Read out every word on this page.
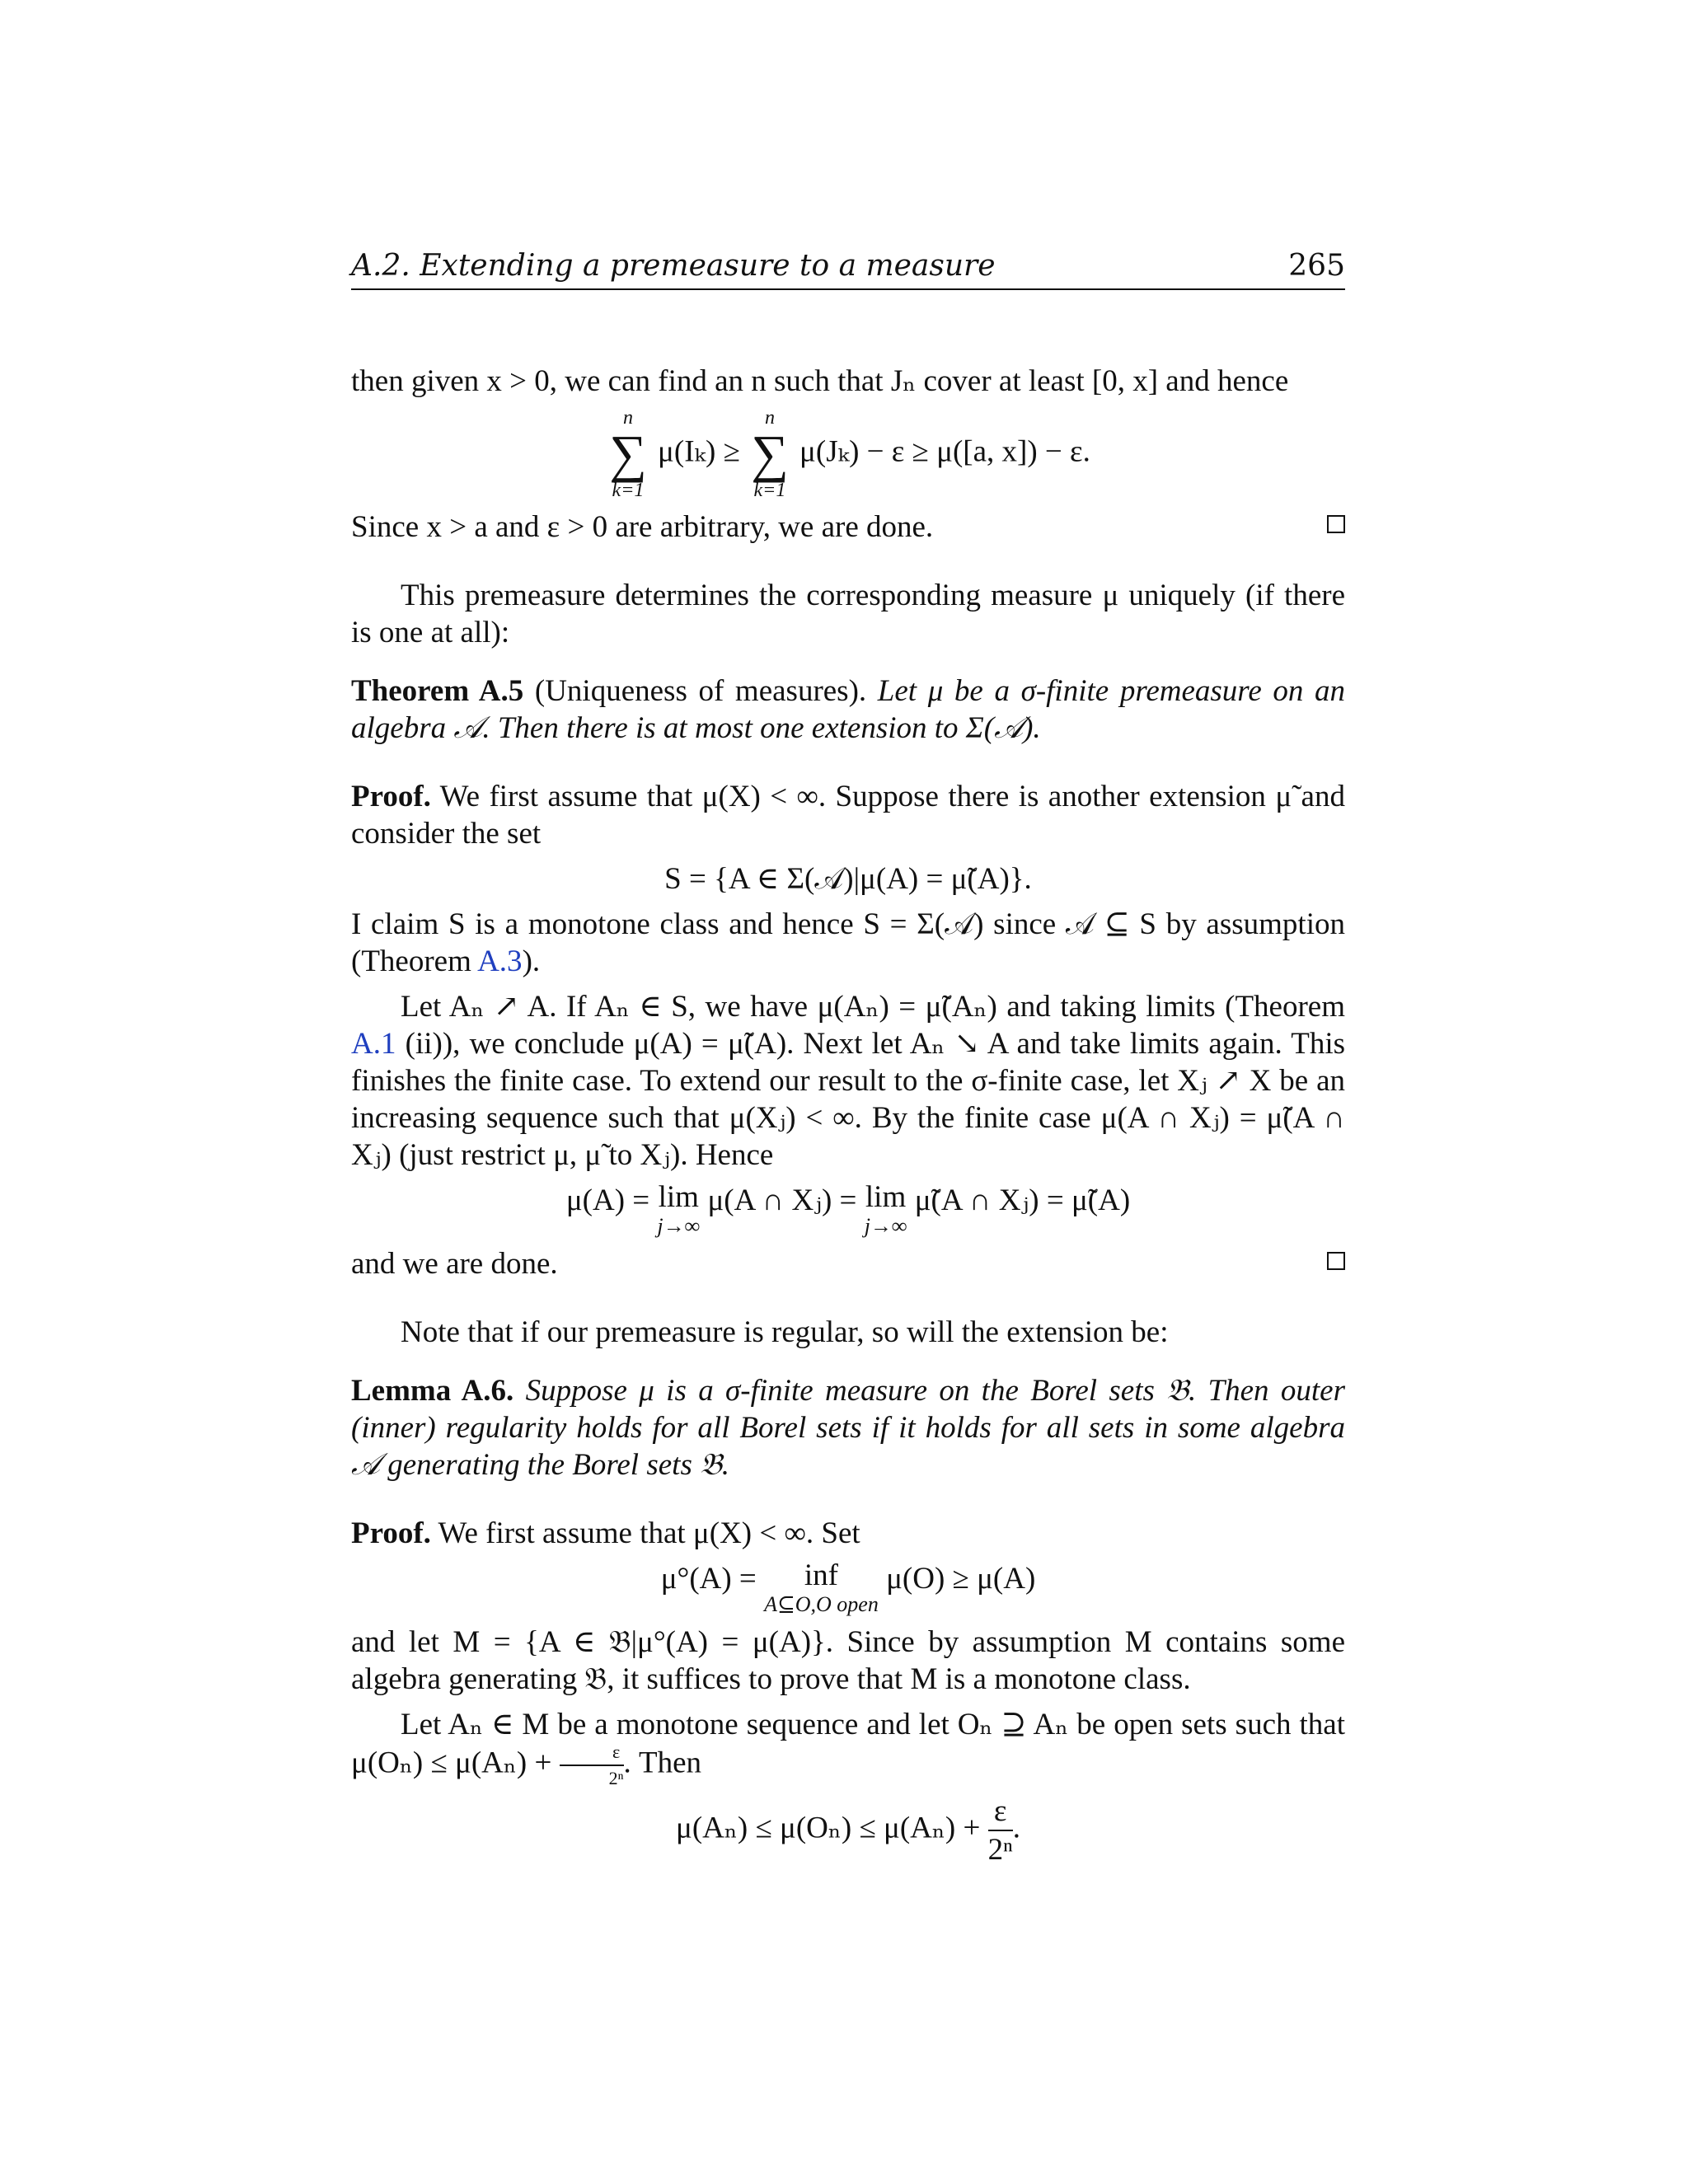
A.2. Extending a premeasure to a measure	265

then given x > 0, we can find an n such that Jₙ cover at least [0, x] and hence

n
∑
k=1
μ(Iₖ) ≥
n
∑
k=1
μ(Jₖ) − ε ≥ μ([a, x]) − ε.

Since x > a and ε > 0 are arbitrary, we are done.

This premeasure determines the corresponding measure μ uniquely (if there is one at all):

Theorem A.5 (Uniqueness of measures). Let μ be a σ-finite premeasure on an algebra 𝒜. Then there is at most one extension to Σ(𝒜).

Proof. We first assume that μ(X) < ∞. Suppose there is another extension μ̃ and consider the set

S = {A ∈ Σ(𝒜)|μ(A) = μ̃(A)}.

I claim S is a monotone class and hence S = Σ(𝒜) since 𝒜 ⊆ S by assumption (Theorem A.3).

Let Aₙ ↗ A. If Aₙ ∈ S, we have μ(Aₙ) = μ̃(Aₙ) and taking limits (Theorem A.1 (ii)), we conclude μ(A) = μ̃(A). Next let Aₙ ↘ A and take limits again. This finishes the finite case. To extend our result to the σ-finite case, let Xⱼ ↗ X be an increasing sequence such that μ(Xⱼ) < ∞. By the finite case μ(A ∩ Xⱼ) = μ̃(A ∩ Xⱼ) (just restrict μ, μ̃ to Xⱼ). Hence

μ(A) = lim
j→∞
μ(A ∩ Xⱼ) = lim
j→∞
μ̃(A ∩ Xⱼ) = μ̃(A)

and we are done.

Note that if our premeasure is regular, so will the extension be:

Lemma A.6. Suppose μ is a σ-finite measure on the Borel sets 𝔅. Then outer (inner) regularity holds for all Borel sets if it holds for all sets in some algebra 𝒜 generating the Borel sets 𝔅.

Proof. We first assume that μ(X) < ∞. Set

μ°(A) = inf
A⊆O,O open
μ(O) ≥ μ(A)

and let M = {A ∈ 𝔅|μ°(A) = μ(A)}. Since by assumption M contains some algebra generating 𝔅, it suffices to prove that M is a monotone class.

Let Aₙ ∈ M be a monotone sequence and let Oₙ ⊇ Aₙ be open sets such that $\mu(O_n) \le \mu(A_n) + \frac{\varepsilon}{\text{2ⁿ}}$ . Then

$\mu(A_n) \le \mu(O_n) \le \mu(A_n) + \frac{\varepsilon}{\text{2ⁿ}}$ .
